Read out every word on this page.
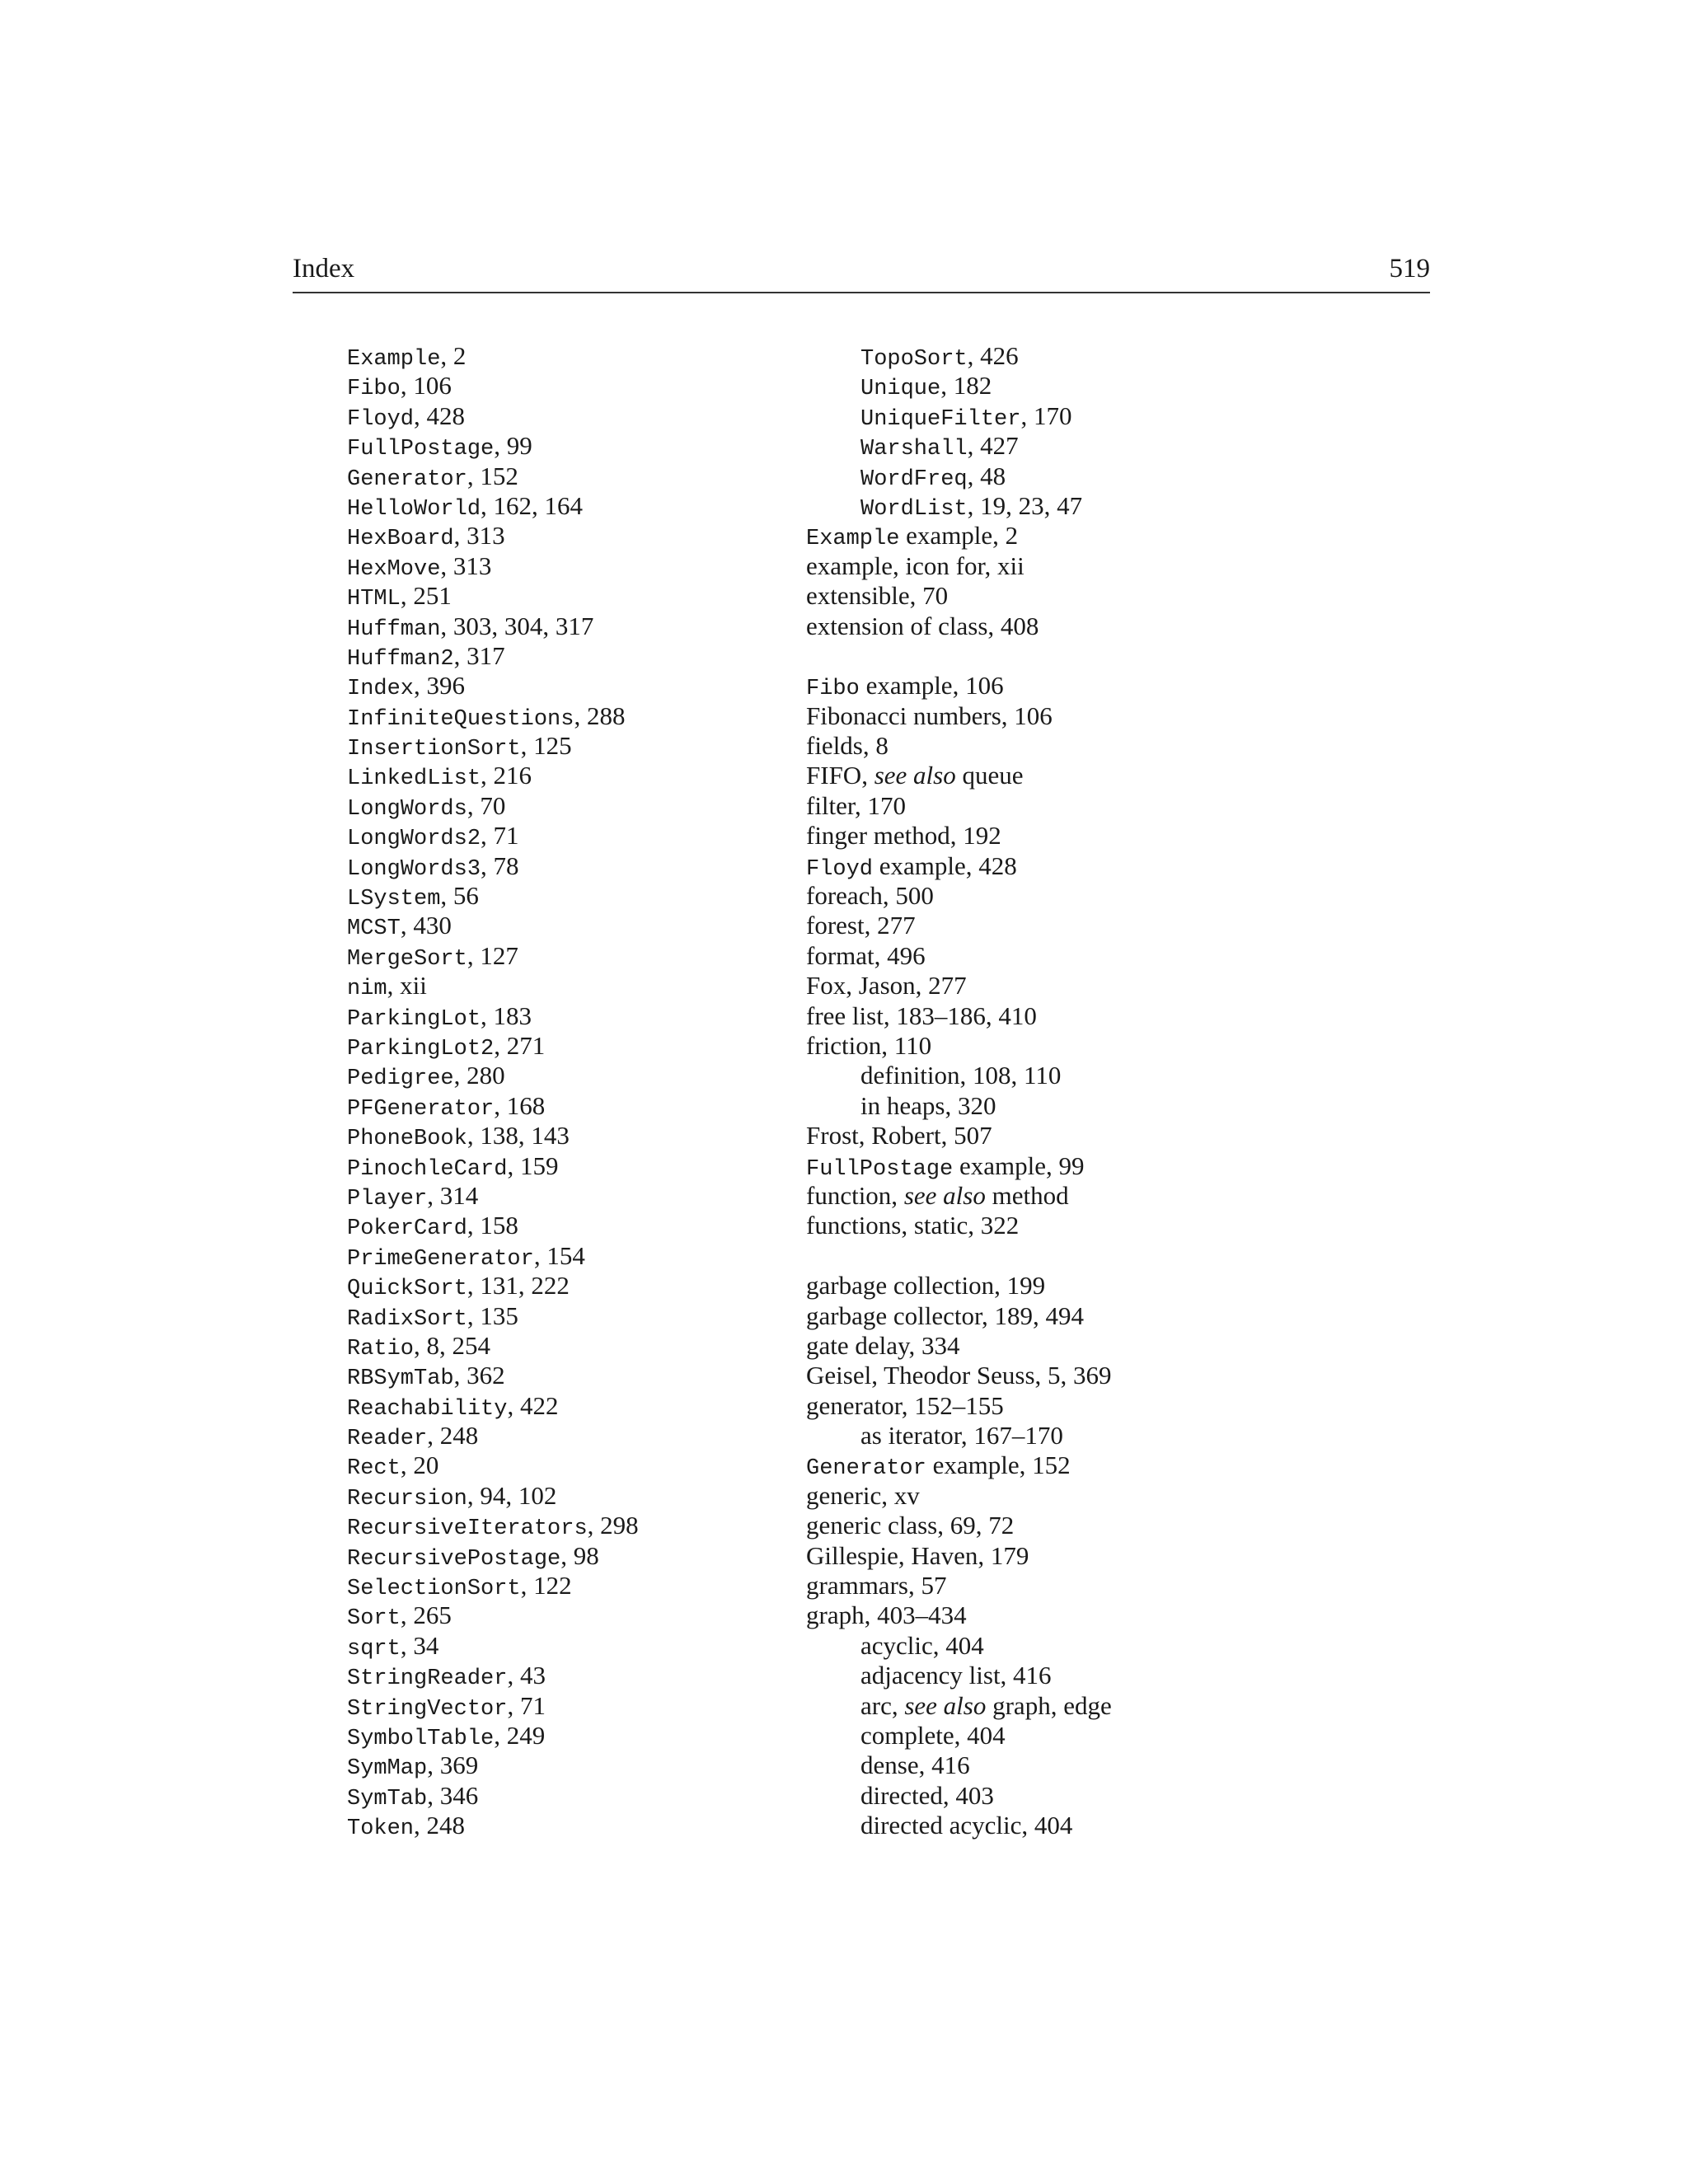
Index	519
Example, 2
Fibo, 106
Floyd, 428
FullPostage, 99
Generator, 152
HelloWorld, 162, 164
HexBoard, 313
HexMove, 313
HTML, 251
Huffman, 303, 304, 317
Huffman2, 317
Index, 396
InfiniteQuestions, 288
InsertionSort, 125
LinkedList, 216
LongWords, 70
LongWords2, 71
LongWords3, 78
LSystem, 56
MCST, 430
MergeSort, 127
nim, xii
ParkingLot, 183
ParkingLot2, 271
Pedigree, 280
PFGenerator, 168
PhoneBook, 138, 143
PinochleCard, 159
Player, 314
PokerCard, 158
PrimeGenerator, 154
QuickSort, 131, 222
RadixSort, 135
Ratio, 8, 254
RBSymTab, 362
Reachability, 422
Reader, 248
Rect, 20
Recursion, 94, 102
RecursiveIterators, 298
RecursivePostage, 98
SelectionSort, 122
Sort, 265
sqrt, 34
StringReader, 43
StringVector, 71
SymbolTable, 249
SymMap, 369
SymTab, 346
Token, 248
TopoSort, 426
Unique, 182
UniqueFilter, 170
Warshall, 427
WordFreq, 48
WordList, 19, 23, 47
Example example, 2
example, icon for, xii
extensible, 70
extension of class, 408
Fibo example, 106
Fibonacci numbers, 106
fields, 8
FIFO, see also queue
filter, 170
finger method, 192
Floyd example, 428
foreach, 500
forest, 277
format, 496
Fox, Jason, 277
free list, 183–186, 410
friction, 110
definition, 108, 110
in heaps, 320
Frost, Robert, 507
FullPostage example, 99
function, see also method
functions, static, 322
garbage collection, 199
garbage collector, 189, 494
gate delay, 334
Geisel, Theodor Seuss, 5, 369
generator, 152–155
as iterator, 167–170
Generator example, 152
generic, xv
generic class, 69, 72
Gillespie, Haven, 179
grammars, 57
graph, 403–434
acyclic, 404
adjacency list, 416
arc, see also graph, edge
complete, 404
dense, 416
directed, 403
directed acyclic, 404
